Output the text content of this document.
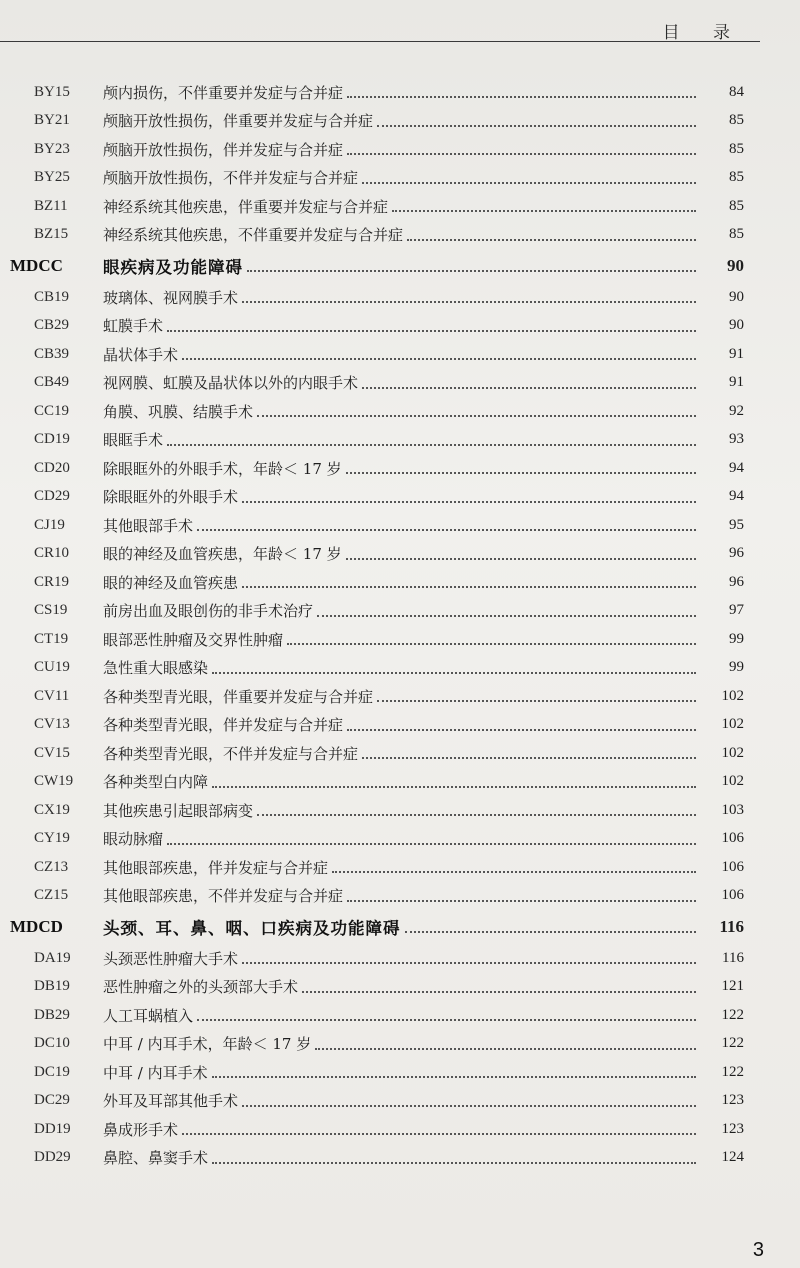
目 录
BY15	颅内损伤，不伴重要并发症与合并症	84
BY21	颅脑开放性损伤，伴重要并发症与合并症	85
BY23	颅脑开放性损伤，伴并发症与合并症	85
BY25	颅脑开放性损伤，不伴并发症与合并症	85
BZ11	神经系统其他疾患，伴重要并发症与合并症	85
BZ15	神经系统其他疾患，不伴重要并发症与合并症	85
MDCC	眼疾病及功能障碍	90
CB19	玻璃体、视网膜手术	90
CB29	虹膜手术	90
CB39	晶状体手术	91
CB49	视网膜、虹膜及晶状体以外的内眼手术	91
CC19	角膜、巩膜、结膜手术	92
CD19	眼眶手术	93
CD20	除眼眶外的外眼手术，年龄＜ 17 岁	94
CD29	除眼眶外的外眼手术	94
CJ19	其他眼部手术	95
CR10	眼的神经及血管疾患，年龄＜ 17 岁	96
CR19	眼的神经及血管疾患	96
CS19	前房出血及眼创伤的非手术治疗	97
CT19	眼部恶性肿瘤及交界性肿瘤	99
CU19	急性重大眼感染	99
CV11	各种类型青光眼，伴重要并发症与合并症	102
CV13	各种类型青光眼，伴并发症与合并症	102
CV15	各种类型青光眼，不伴并发症与合并症	102
CW19	各种类型白内障	102
CX19	其他疾患引起眼部病变	103
CY19	眼动脉瘤	106
CZ13	其他眼部疾患，伴并发症与合并症	106
CZ15	其他眼部疾患，不伴并发症与合并症	106
MDCD	头颈、耳、鼻、咽、口疾病及功能障碍	116
DA19	头颈恶性肿瘤大手术	116
DB19	恶性肿瘤之外的头颈部大手术	121
DB29	人工耳蜗植入	122
DC10	中耳 / 内耳手术，年龄＜ 17 岁	122
DC19	中耳 / 内耳手术	122
DC29	外耳及耳部其他手术	123
DD19	鼻成形手术	123
DD29	鼻腔、鼻窦手术	124
3
